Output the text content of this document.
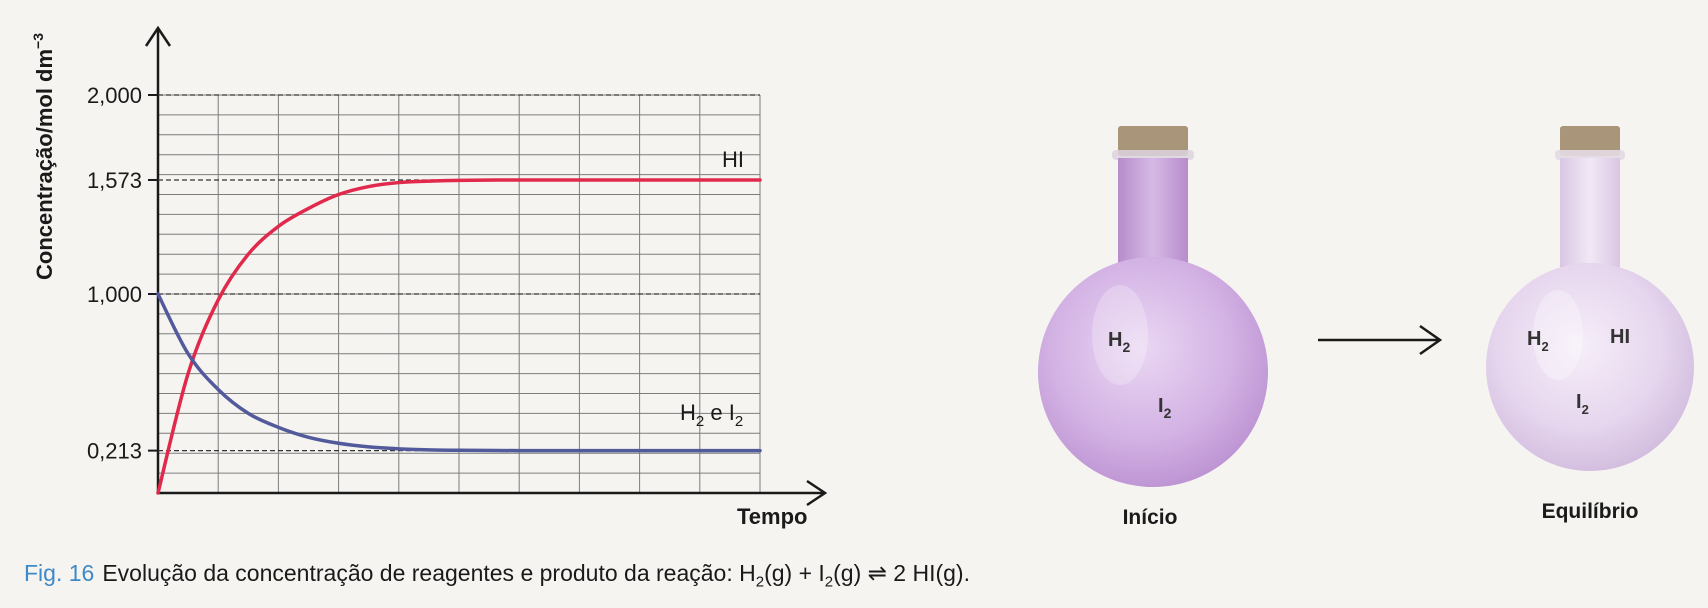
2,000
1,573
1,000
0,213
Concentração/mol $dm^{-3}$
Tempo
HI
$H_2$ e $I_2$
$H_2$
$I_2$
Início
$H_2$	HI
$I_2$
Equilíbrio
Fig. 16 Evolução da concentração de reagentes e produto da reação: $H_2(g) + I_2(g)$ ⇌ 2 HI(g).
